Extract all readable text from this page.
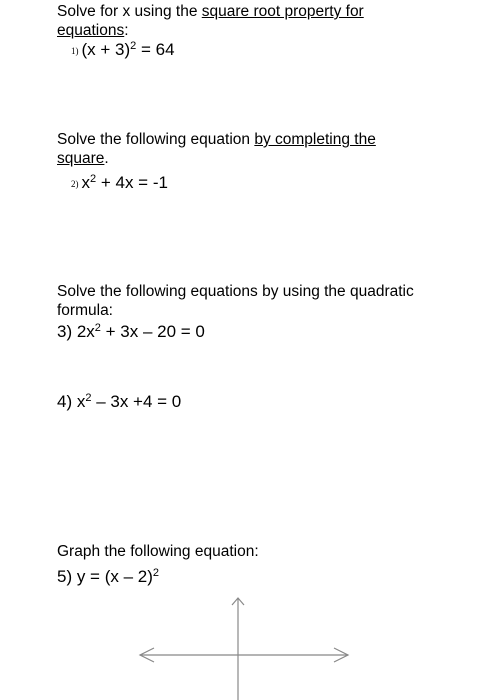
Solve for x using the square root property for equations:
1) $(x + 3)^2 = 64$
Solve the following equation by completing the square.
2) $x^2 + 4x = -1$
Solve the following equations by using the quadratic formula:
3) $2x^2 + 3x - 20 = 0$
4) $x^2 - 3x +4 = 0$
Graph the following equation:
5) y = (x – 2)$^2$
